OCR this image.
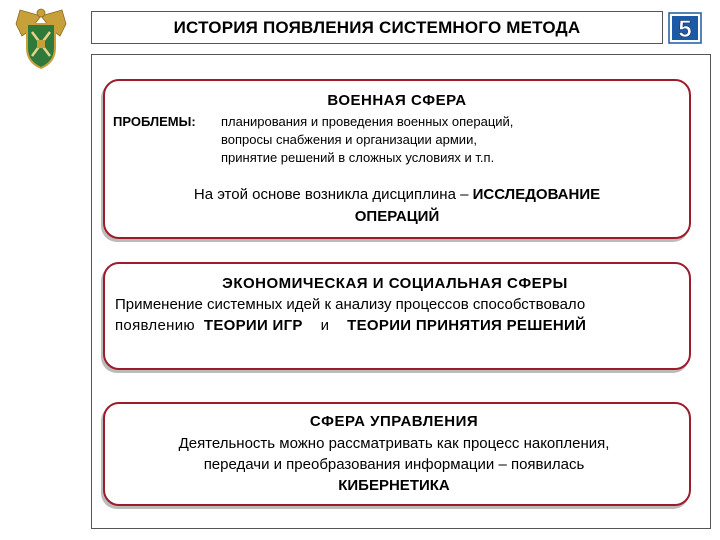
ИСТОРИЯ ПОЯВЛЕНИЯ СИСТЕМНОГО МЕТОДА	5
ВОЕННАЯ СФЕРА
ПРОБЛЕМЫ: планирования и проведения военных операций,
вопросы снабжения и организации армии,
принятие решений в сложных условиях и т.п.
На этой основе возникла дисциплина – ИССЛЕДОВАНИЕ
ОПЕРАЦИЙ
ЭКОНОМИЧЕСКАЯ И СОЦИАЛЬНАЯ СФЕРЫ
Применение системных идей к анализу процессов способствовало
появлению ТЕОРИИ ИГР и ТЕОРИИ ПРИНЯТИЯ РЕШЕНИЙ
СФЕРА УПРАВЛЕНИЯ
Деятельность можно рассматривать как процесс накопления,
передачи и преобразования информации – появилась
КИБЕРНЕТИКА
